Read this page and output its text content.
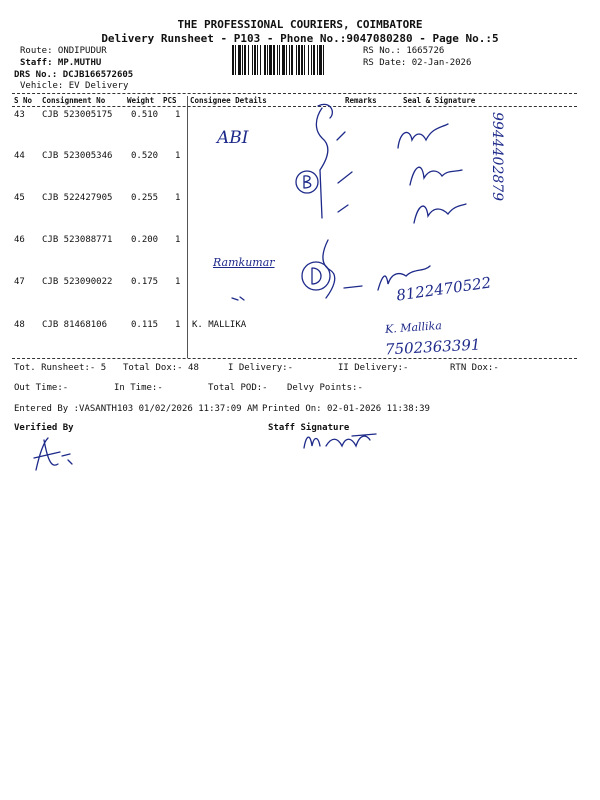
THE PROFESSIONAL COURIERS, COIMBATORE
Delivery Runsheet - P103 - Phone No.:9047080280 - Page No.:5
Route: ONDIPUDUR
Staff: MP.MUTHU
DRS No.: DCJB166572605
Vehicle: EV Delivery
RS No.: 1665726
RS Date: 02-Jan-2026
S No Consignment No	Weight PCS Consignee Details	Remarks	Seal & Signature
43 CJB 523005175 0.510 1
44 CJB 523005346 0.520 1
45 CJB 522427905 0.255 1
46 CJB 523088771 0.200 1
47 CJB 523090022 0.175 1
48 CJB 81468106	0.115 1 K. MALLIKA
ABI	9944402879
Ramkumar
8122470522
K. Mallika
7502363391
Tot. Runsheet:- 5 Total Dox:- 48	I Delivery:-	II Delivery:-	RTN Dox:-
Out Time:-	In Time:-	Total POD:- Delvy Points:-
Entered By :VASANTH103 01/02/2026 11:37:09 AM Printed On: 02-01-2026 11:38:39
Verified By	Staff Signature
